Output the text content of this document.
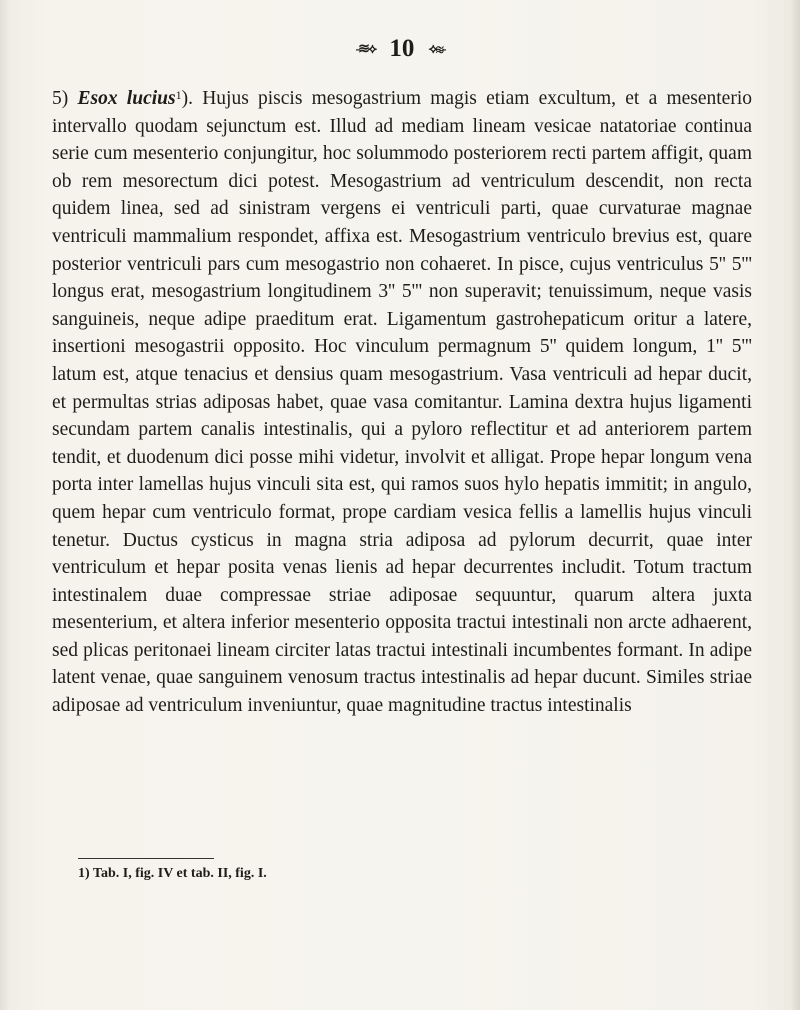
-≋⟡ 10 ⟡≋-
5) Esox lucius$^1$). Hujus piscis mesogastrium magis etiam excultum, et a mesenterio intervallo quodam sejunctum est. Illud ad mediam lineam vesicae natatoriae continua serie cum mesenterio conjungitur, hoc solummodo posteriorem recti partem affigit, quam ob rem mesorectum dici potest. Mesogastrium ad ventriculum descendit, non recta quidem linea, sed ad sinistram vergens ei ventriculi parti, quae curvaturae magnae ventriculi mammalium respondet, affixa est. Mesogastrium ventriculo brevius est, quare posterior ventriculi pars cum mesogastrio non cohaeret. In pisce, cujus ventriculus 5'' 5''' longus erat, mesogastrium longitudinem 3'' 5''' non superavit; tenuissimum, neque vasis sanguineis, neque adipe praeditum erat. Ligamentum gastrohepaticum oritur a latere, insertioni mesogastrii opposito. Hoc vinculum permagnum 5'' quidem longum, 1'' 5''' latum est, atque tenacius et densius quam mesogastrium. Vasa ventriculi ad hepar ducit, et permultas strias adiposas habet, quae vasa comitantur. Lamina dextra hujus ligamenti secundam partem canalis intestinalis, qui a pyloro reflectitur et ad anteriorem partem tendit, et duodenum dici posse mihi videtur, involvit et alligat. Prope hepar longum vena porta inter lamellas hujus vinculi sita est, qui ramos suos hylo hepatis immitit; in angulo, quem hepar cum ventriculo format, prope cardiam vesica fellis a lamellis hujus vinculi tenetur. Ductus cysticus in magna stria adiposa ad pylorum decurrit, quae inter ventriculum et hepar posita venas lienis ad hepar decurrentes includit. Totum tractum intestinalem duae compressae striae adiposae sequuntur, quarum altera juxta mesenterium, et altera inferior mesenterio opposita tractui intestinali non arcte adhaerent, sed plicas peritonaei lineam circiter latas tractui intestinali incumbentes formant. In adipe latent venae, quae sanguinem venosum tractus intestinalis ad hepar ducunt. Similes striae adiposae ad ventriculum inveniuntur, quae magnitudine tractus intestinalis
1) Tab. I, fig. IV et tab. II, fig. I.
